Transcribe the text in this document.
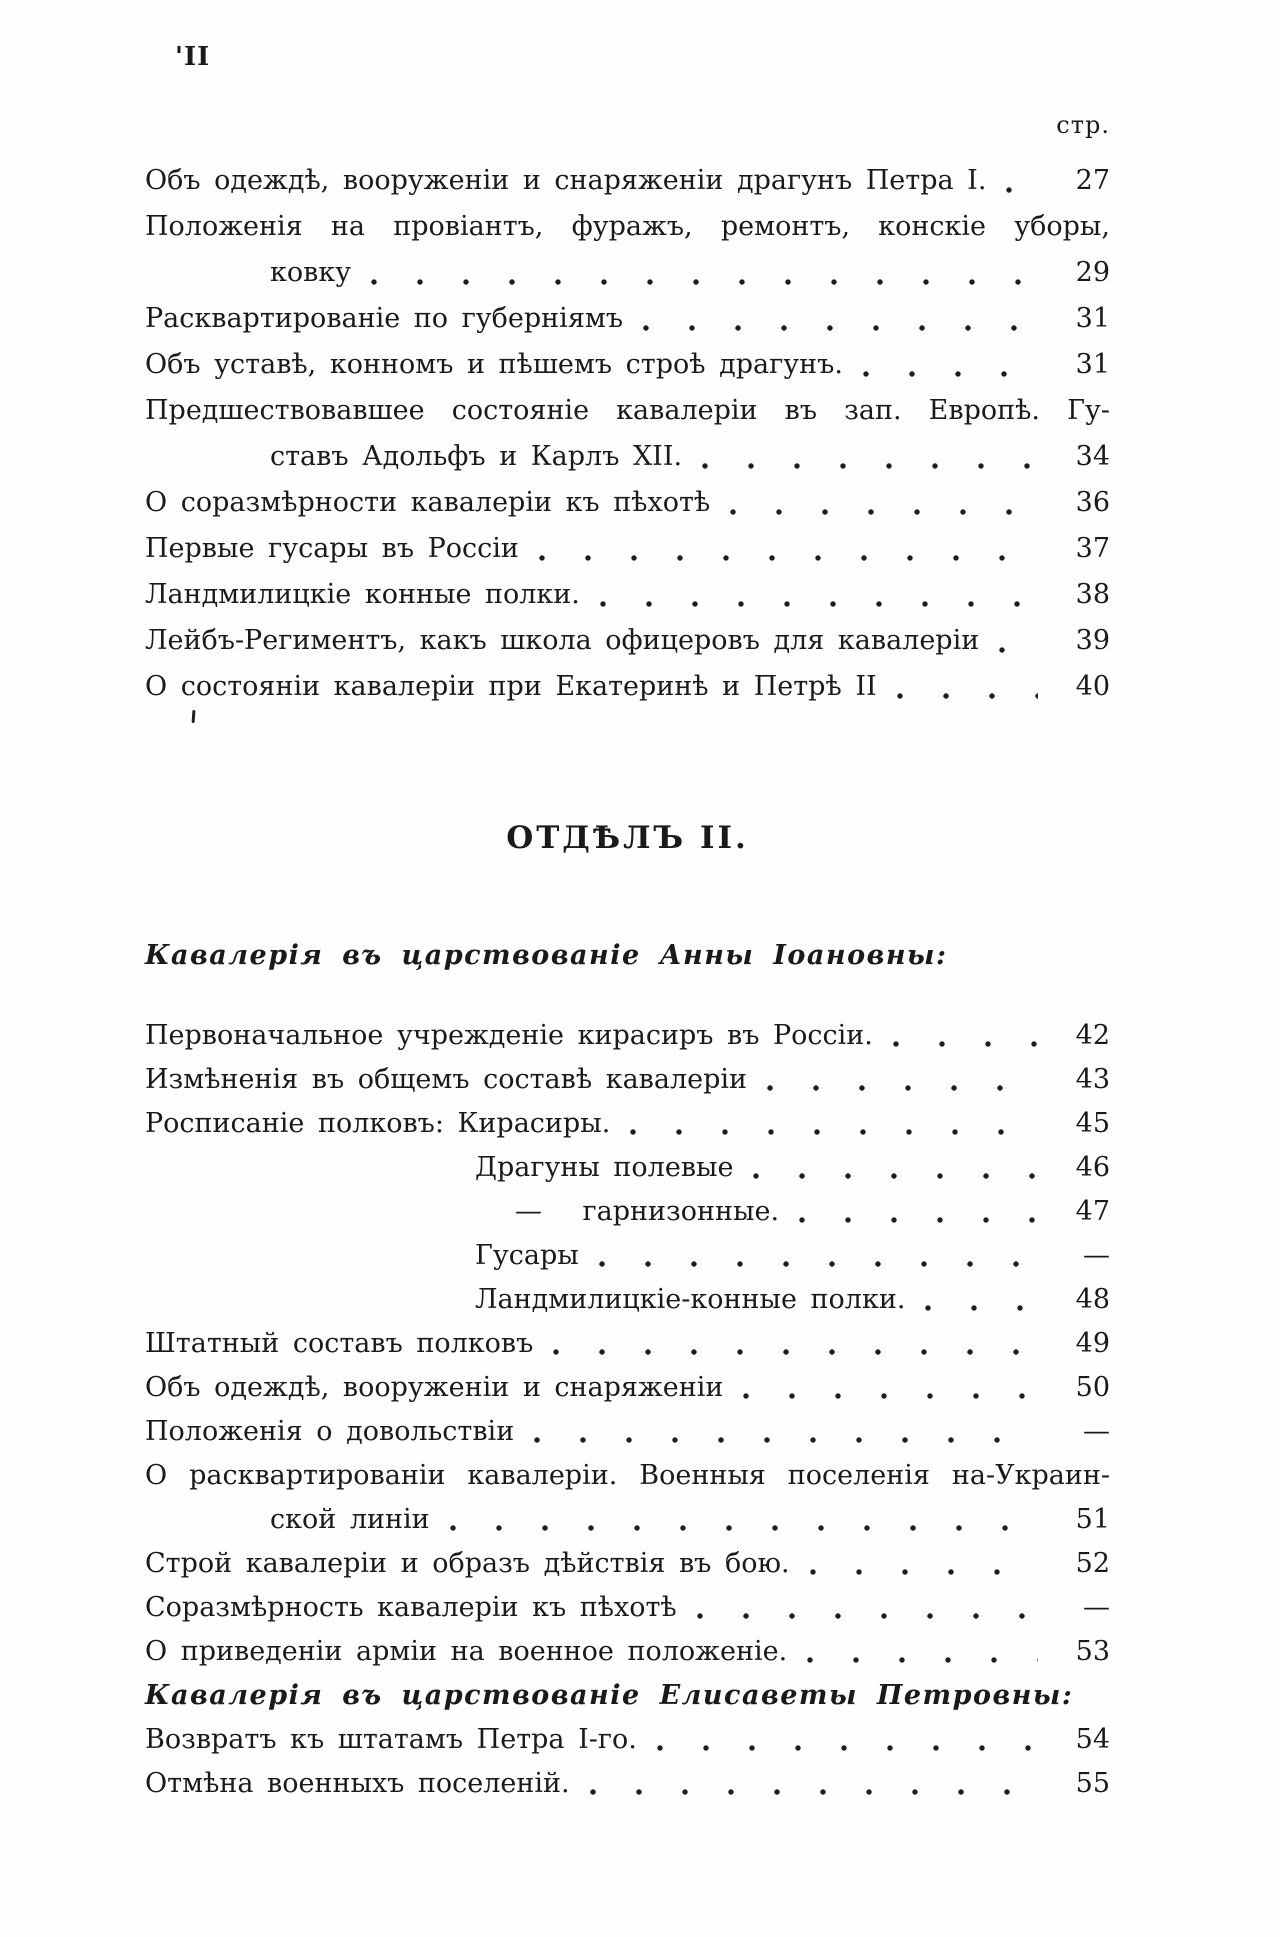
'II
стр.
Объ одеждѣ, вооруженіи и снаряженіи драгунъ Петра I.	27
Положенія на провіантъ, фуражъ, ремонтъ, конскіе уборы,
ковку	29
Расквартированіе по губерніямъ	31
Объ уставѣ, конномъ и пѣшемъ строѣ драгунъ.	31
Предшествовавшее состояніе кавалеріи въ зап. Европѣ. Гу-
ставъ Адольфъ и Карлъ XII.	34
О соразмѣрности кавалеріи къ пѣхотѣ	36
Первые гусары въ Россіи	37
Ландмилицкіе конные полки.	38
Лейбъ-Региментъ, какъ школа офицеровъ для кавалеріи	39
О состояніи кавалеріи при Екатеринѣ и Петрѣ II	40
ОТДѢЛЪ II.
Кавалерія въ царствованіе Анны Іоановны:
Первоначальное учрежденіе кирасиръ въ Россіи.	42
Измѣненія въ общемъ составѣ кавалеріи	43
Росписаніе полковъ: Кирасиры.	45
Драгуны полевые	46
—  гарнизонные.	47
Гусары	—
Ландмилицкіе-конные полки.	48
Штатный составъ полковъ	49
Объ одеждѣ, вооруженіи и снаряженіи	50
Положенія о довольствіи	—
О расквартированіи кавалеріи. Военныя поселенія на-Украин-
ской линіи	51
Строй кавалеріи и образъ дѣйствія въ бою.	52
Соразмѣрность кавалеріи къ пѣхотѣ	—
О приведеніи арміи на военное положеніе.	53
Кавалерія въ царствованіе Елисаветы Петровны:
Возвратъ къ штатамъ Петра I-го.	54
Отмѣна военныхъ поселеній.	55
